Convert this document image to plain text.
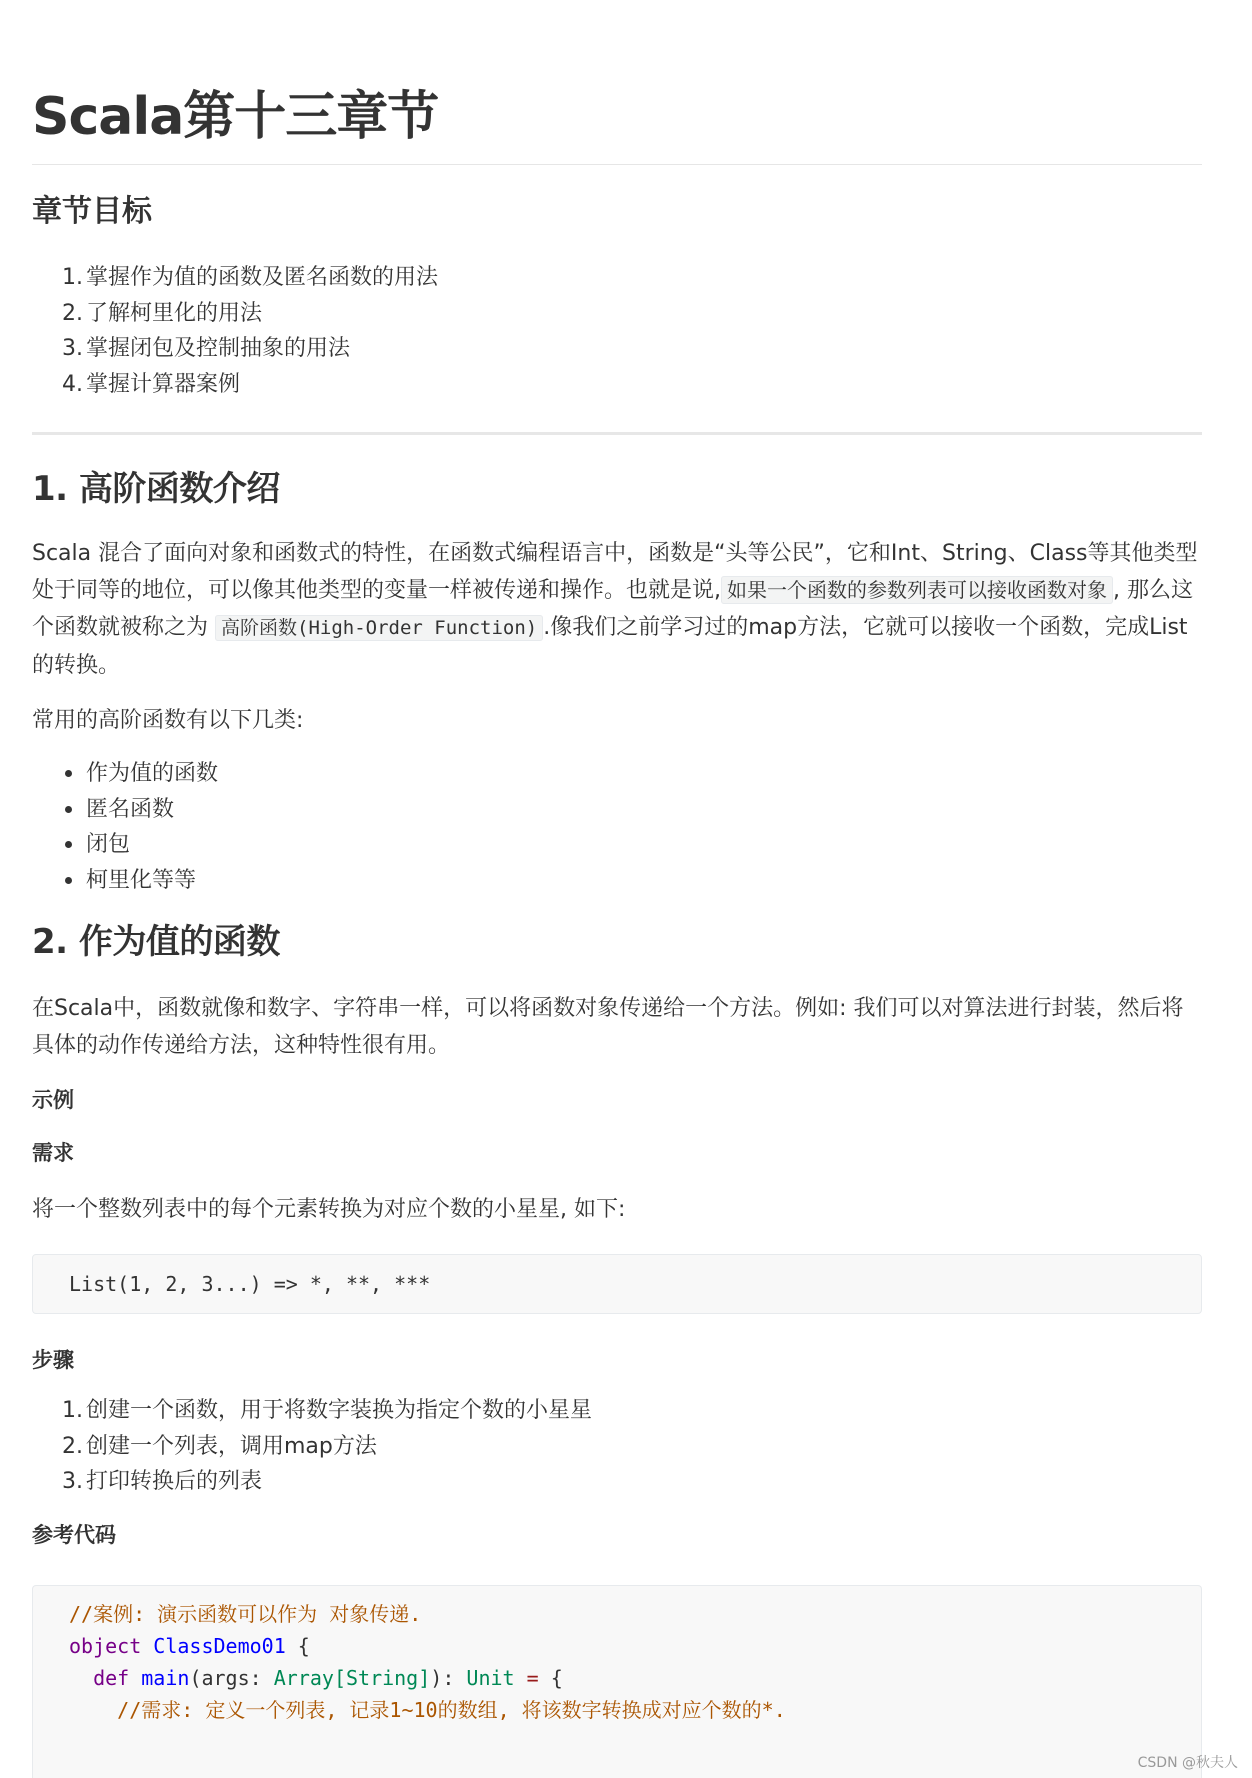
Scala第十三章节
章节目标
1. 掌握作为值的函数及匿名函数的用法
2. 了解柯里化的用法
3. 掌握闭包及控制抽象的用法
4. 掌握计算器案例
1. 高阶函数介绍

Scala 混合了面向对象和函数式的特性，在函数式编程语言中，函数是“头等公民”，它和Int、String、Class等其他类型处于同等的地位，可以像其他类型的变量一样被传递和操作。也就是说, 如果一个函数的参数列表可以接收函数对象 , 那么这个函数就被称之为 高阶函数(High-Order Function) .像我们之前学习过的map方法，它就可以接收一个函数，完成List的转换。

常用的高阶函数有以下几类:

作为值的函数
匿名函数
闭包
柯里化等等
2. 作为值的函数

在Scala中，函数就像和数字、字符串一样，可以将函数对象传递给一个方法。例如: 我们可以对算法进行封装，然后将具体的动作传递给方法，这种特性很有用。

示例
需求

将一个整数列表中的每个元素转换为对应个数的小星星, 如下:

List(1, 2, 3...) => *, **, ***
步骤
1. 创建一个函数，用于将数字装换为指定个数的小星星
2. 创建一个列表，调用map方法
3. 打印转换后的列表
参考代码
//案例: 演示函数可以作为 对象传递.
object ClassDemo01 {
def main(args: Array[String]): Unit = {
//需求: 定义一个列表, 记录1~10的数组, 将该数字转换成对应个数的*.
CSDN @秋夫人
